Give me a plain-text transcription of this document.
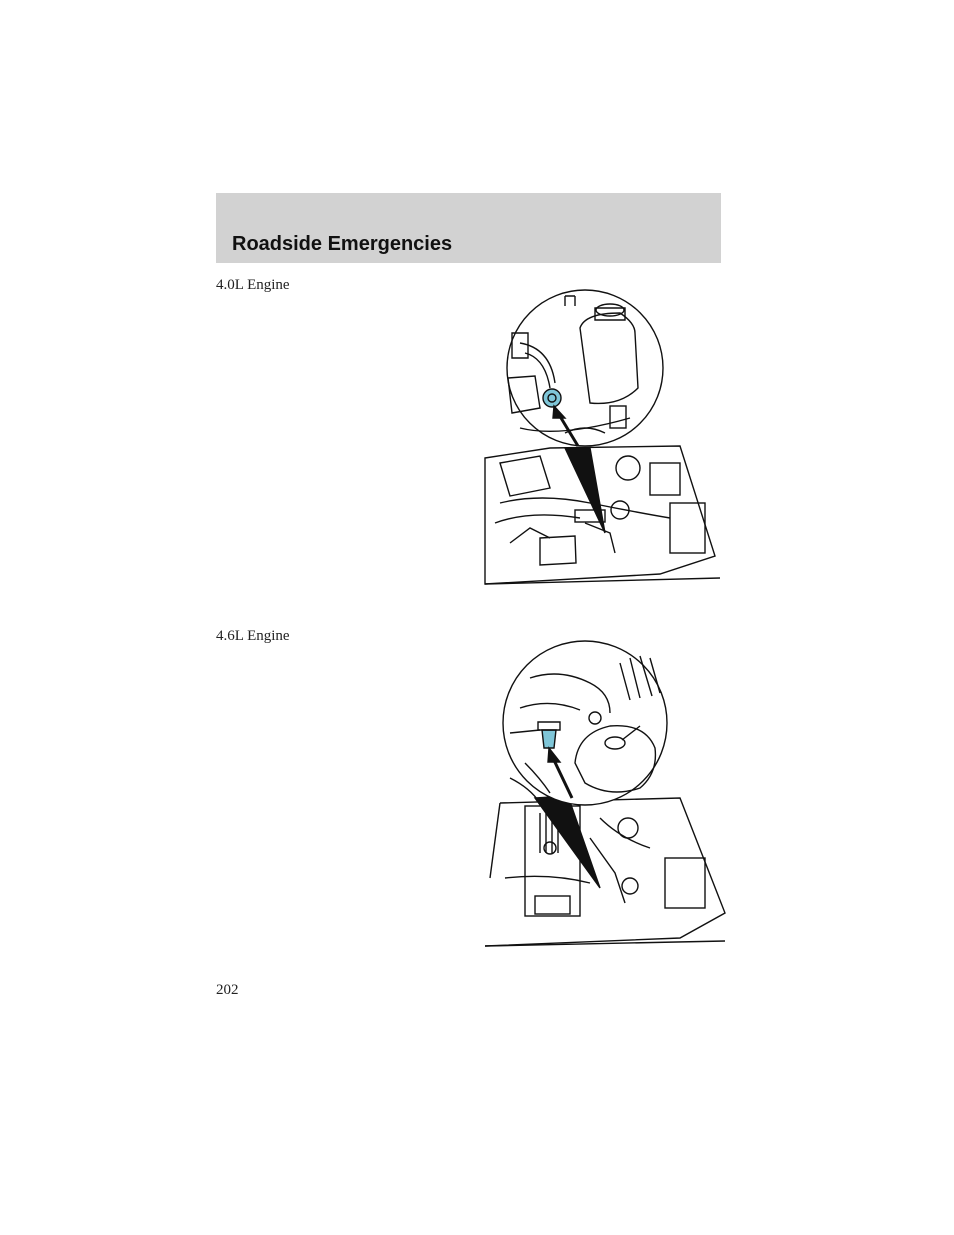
Roadside Emergencies
4.0L Engine
4.6L Engine
202
